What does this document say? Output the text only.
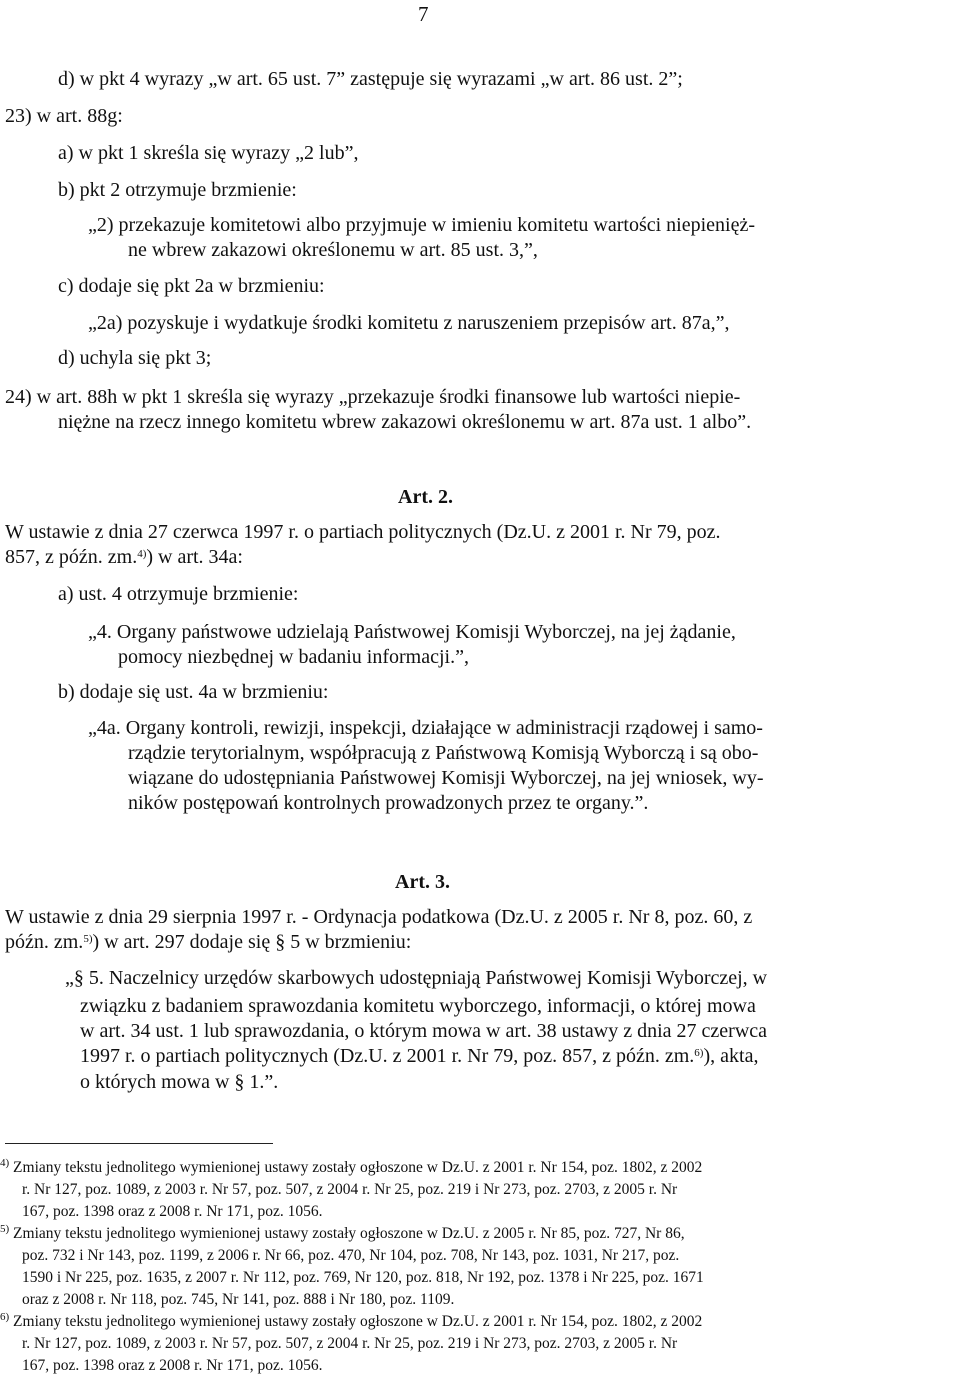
7
d) w pkt 4 wyrazy „w art. 65 ust. 7” zastępuje się wyrazami „w art. 86 ust. 2”;
23) w art. 88g:
a) w pkt 1 skreśla się wyrazy „2 lub”,
b) pkt 2 otrzymuje brzmienie:
„2) przekazuje komitetowi albo przyjmuje w imieniu komitetu wartości niepienięż-
ne wbrew zakazowi określonemu w art. 85 ust. 3,”,
c) dodaje się pkt 2a w brzmieniu:
„2a) pozyskuje i wydatkuje środki komitetu z naruszeniem przepisów art. 87a,”,
d) uchyla się pkt 3;
24) w art. 88h w pkt 1 skreśla się wyrazy „przekazuje środki finansowe lub wartości niepie-
niężne na rzecz innego komitetu wbrew zakazowi określonemu w art. 87a ust. 1 albo”.
Art. 2.
W ustawie z dnia 27 czerwca 1997 r. o partiach politycznych (Dz.U. z 2001 r. Nr 79, poz.
857, z późn. zm.$^{4)}$) w art. 34a:
a) ust. 4 otrzymuje brzmienie:
„4. Organy państwowe udzielają Państwowej Komisji Wyborczej, na jej żądanie,
pomocy niezbędnej w badaniu informacji.”,
b) dodaje się ust. 4a w brzmieniu:
„4a. Organy kontroli, rewizji, inspekcji, działające w administracji rządowej i samo-
rządzie terytorialnym, współpracują z Państwową Komisją Wyborczą i są obo-
wiązane do udostępniania Państwowej Komisji Wyborczej, na jej wniosek, wy-
ników postępowań kontrolnych prowadzonych przez te organy.”.
Art. 3.
W ustawie z dnia 29 sierpnia 1997 r. - Ordynacja podatkowa (Dz.U. z 2005 r. Nr 8, poz. 60, z
późn. zm.$^{5)}$) w art. 297 dodaje się § 5 w brzmieniu:
„§ 5. Naczelnicy urzędów skarbowych udostępniają Państwowej Komisji Wyborczej, w
związku z badaniem sprawozdania komitetu wyborczego, informacji, o której mowa
w art. 34 ust. 1 lub sprawozdania, o którym mowa w art. 38 ustawy z dnia 27 czerwca
1997 r. o partiach politycznych (Dz.U. z 2001 r. Nr 79, poz. 857, z późn. zm.$^{6)}$), akta,
o których mowa w § 1.”.
$^{4)}$ Zmiany tekstu jednolitego wymienionej ustawy zostały ogłoszone w Dz.U. z 2001 r. Nr 154, poz. 1802, z 2002
r. Nr 127, poz. 1089, z 2003 r. Nr 57, poz. 507, z 2004 r. Nr 25, poz. 219 i Nr 273, poz. 2703, z 2005 r. Nr
167, poz. 1398 oraz z 2008 r. Nr 171, poz. 1056.
$^{5)}$ Zmiany tekstu jednolitego wymienionej ustawy zostały ogłoszone w Dz.U. z 2005 r. Nr 85, poz. 727, Nr 86,
poz. 732 i Nr 143, poz. 1199, z 2006 r. Nr 66, poz. 470, Nr 104, poz. 708, Nr 143, poz. 1031, Nr 217, poz.
1590 i Nr 225, poz. 1635, z 2007 r. Nr 112, poz. 769, Nr 120, poz. 818, Nr 192, poz. 1378 i Nr 225, poz. 1671
oraz z 2008 r. Nr 118, poz. 745, Nr 141, poz. 888 i Nr 180, poz. 1109.
$^{6)}$ Zmiany tekstu jednolitego wymienionej ustawy zostały ogłoszone w Dz.U. z 2001 r. Nr 154, poz. 1802, z 2002
r. Nr 127, poz. 1089, z 2003 r. Nr 57, poz. 507, z 2004 r. Nr 25, poz. 219 i Nr 273, poz. 2703, z 2005 r. Nr
167, poz. 1398 oraz z 2008 r. Nr 171, poz. 1056.
